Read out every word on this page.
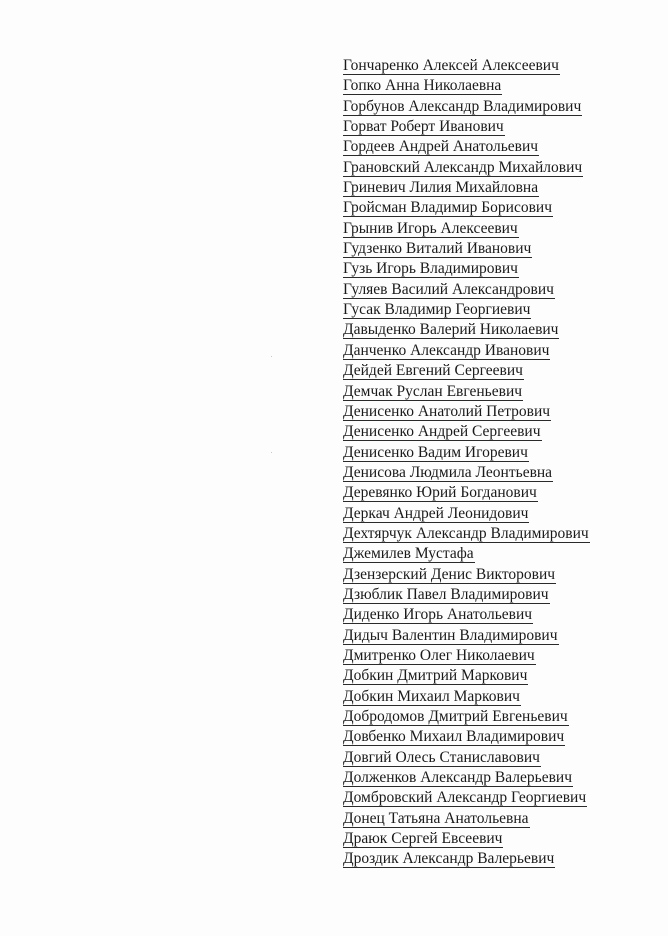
Гончаренко Алексей Алексеевич
Гопко Анна Николаевна
Горбунов Александр Владимирович
Горват Роберт Иванович
Гордеев Андрей Анатольевич
Грановский Александр Михайлович
Гриневич Лилия Михайловна
Гройсман Владимир Борисович
Грынив Игорь Алексеевич
Гудзенко Виталий Иванович
Гузь Игорь Владимирович
Гуляев Василий Александрович
Гусак Владимир Георгиевич
Давыденко Валерий Николаевич
Данченко Александр Иванович
Дейдей Евгений Сергеевич
Демчак Руслан Евгеньевич
Денисенко Анатолий Петрович
Денисенко Андрей Сергеевич
Денисенко Вадим Игоревич
Денисова Людмила Леонтьевна
Деревянко Юрий Богданович
Деркач Андрей Леонидович
Дехтярчук Александр Владимирович
Джемилев Мустафа
Дзензерский Денис Викторович
Дзюблик Павел Владимирович
Диденко Игорь Анатольевич
Дидыч Валентин Владимирович
Дмитренко Олег Николаевич
Добкин Дмитрий Маркович
Добкин Михаил Маркович
Добродомов Дмитрий Евгеньевич
Довбенко Михаил Владимирович
Довгий Олесь Станиславович
Долженков Александр Валерьевич
Домбровский Александр Георгиевич
Донец Татьяна Анатольевна
Драюк Сергей Евсеевич
Дроздик Александр Валерьевич
